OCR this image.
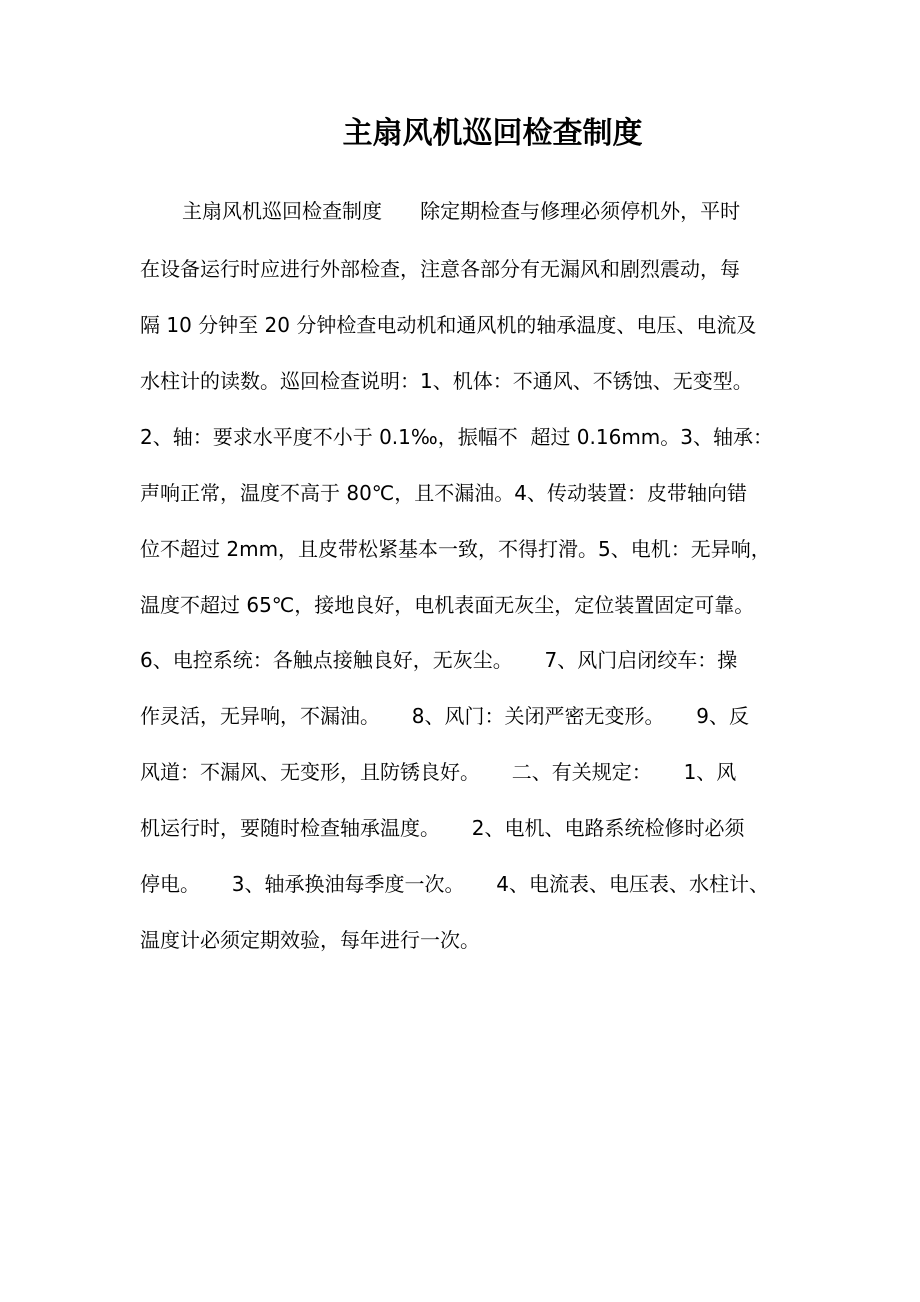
主扇风机巡回检查制度

主扇风机巡回检查制度      除定期检查与修理必须停机外，平时

在设备运行时应进行外部检查，注意各部分有无漏风和剧烈震动，每

隔 10 分钟至 20 分钟检查电动机和通风机的轴承温度、电压、电流及

水柱计的读数。巡回检查说明：1、机体：不通风、不锈蚀、无变型。

2、轴：要求水平度不小于 0.1‰，振幅不  超过 0.16mm。3、轴承：

声响正常，温度不高于 80℃，且不漏油。4、传动装置：皮带轴向错

位不超过 2mm，且皮带松紧基本一致，不得打滑。5、电机：无异响，

温度不超过 65℃，接地良好，电机表面无灰尘，定位装置固定可靠。

6、电控系统：各触点接触良好，无灰尘。     7、风门启闭绞车：操

作灵活，无异响，不漏油。     8、风门：关闭严密无变形。     9、反

风道：不漏风、无变形，且防锈良好。     二、有关规定：     1、风

机运行时，要随时检查轴承温度。     2、电机、电路系统检修时必须

停电。     3、轴承换油每季度一次。     4、电流表、电压表、水柱计、

温度计必须定期效验，每年进行一次。
